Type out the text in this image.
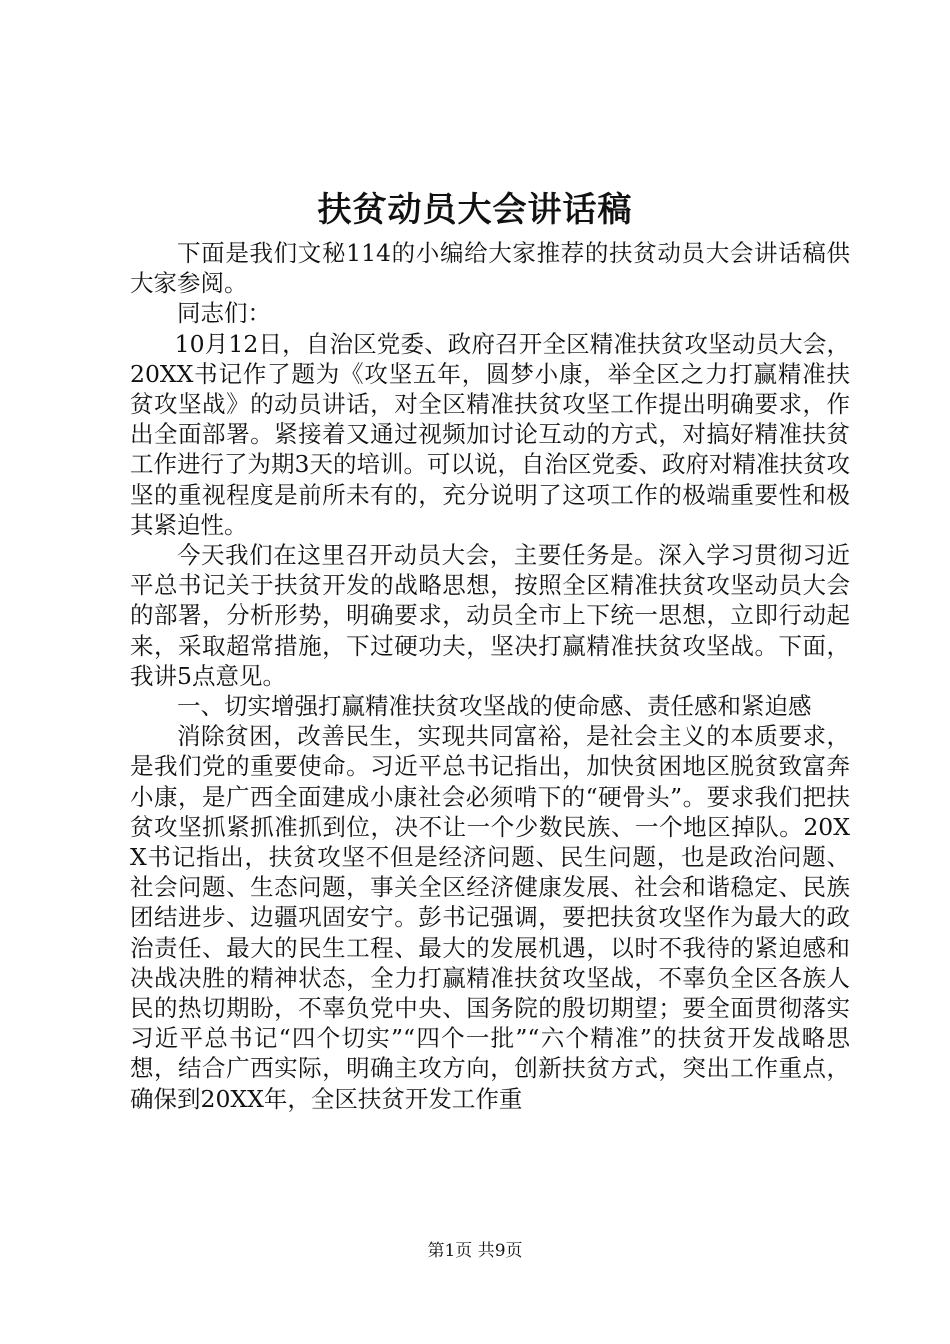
扶贫动员大会讲话稿

下面是我们文秘114的小编给大家推荐的扶贫动员大会讲话稿供大家参阅。

同志们：

10月12日，自治区党委、政府召开全区精准扶贫攻坚动员大会，20XX书记作了题为《攻坚五年，圆梦小康，举全区之力打赢精准扶贫攻坚战》的动员讲话，对全区精准扶贫攻坚工作提出明确要求，作出全面部署。紧接着又通过视频加讨论互动的方式，对搞好精准扶贫工作进行了为期3天的培训。可以说，自治区党委、政府对精准扶贫攻坚的重视程度是前所未有的，充分说明了这项工作的极端重要性和极其紧迫性。

今天我们在这里召开动员大会，主要任务是。深入学习贯彻习近平总书记关于扶贫开发的战略思想，按照全区精准扶贫攻坚动员大会的部署，分析形势，明确要求，动员全市上下统一思想，立即行动起来，采取超常措施，下过硬功夫，坚决打赢精准扶贫攻坚战。下面，我讲5点意见。

一、切实增强打赢精准扶贫攻坚战的使命感、责任感和紧迫感

消除贫困，改善民生，实现共同富裕，是社会主义的本质要求，是我们党的重要使命。习近平总书记指出，加快贫困地区脱贫致富奔小康，是广西全面建成小康社会必须啃下的“硬骨头”。要求我们把扶贫攻坚抓紧抓准抓到位，决不让一个少数民族、一个地区掉队。20XX书记指出，扶贫攻坚不但是经济问题、民生问题，也是政治问题、社会问题、生态问题，事关全区经济健康发展、社会和谐稳定、民族团结进步、边疆巩固安宁。彭书记强调，要把扶贫攻坚作为最大的政治责任、最大的民生工程、最大的发展机遇，以时不我待的紧迫感和决战决胜的精神状态，全力打赢精准扶贫攻坚战，不辜负全区各族人民的热切期盼，不辜负党中央、国务院的殷切期望；要全面贯彻落实习近平总书记“四个切实”“四个一批”“六个精准”的扶贫开发战略思想，结合广西实际，明确主攻方向，创新扶贫方式，突出工作重点，确保到20XX年，全区扶贫开发工作重

第1页 共9页
